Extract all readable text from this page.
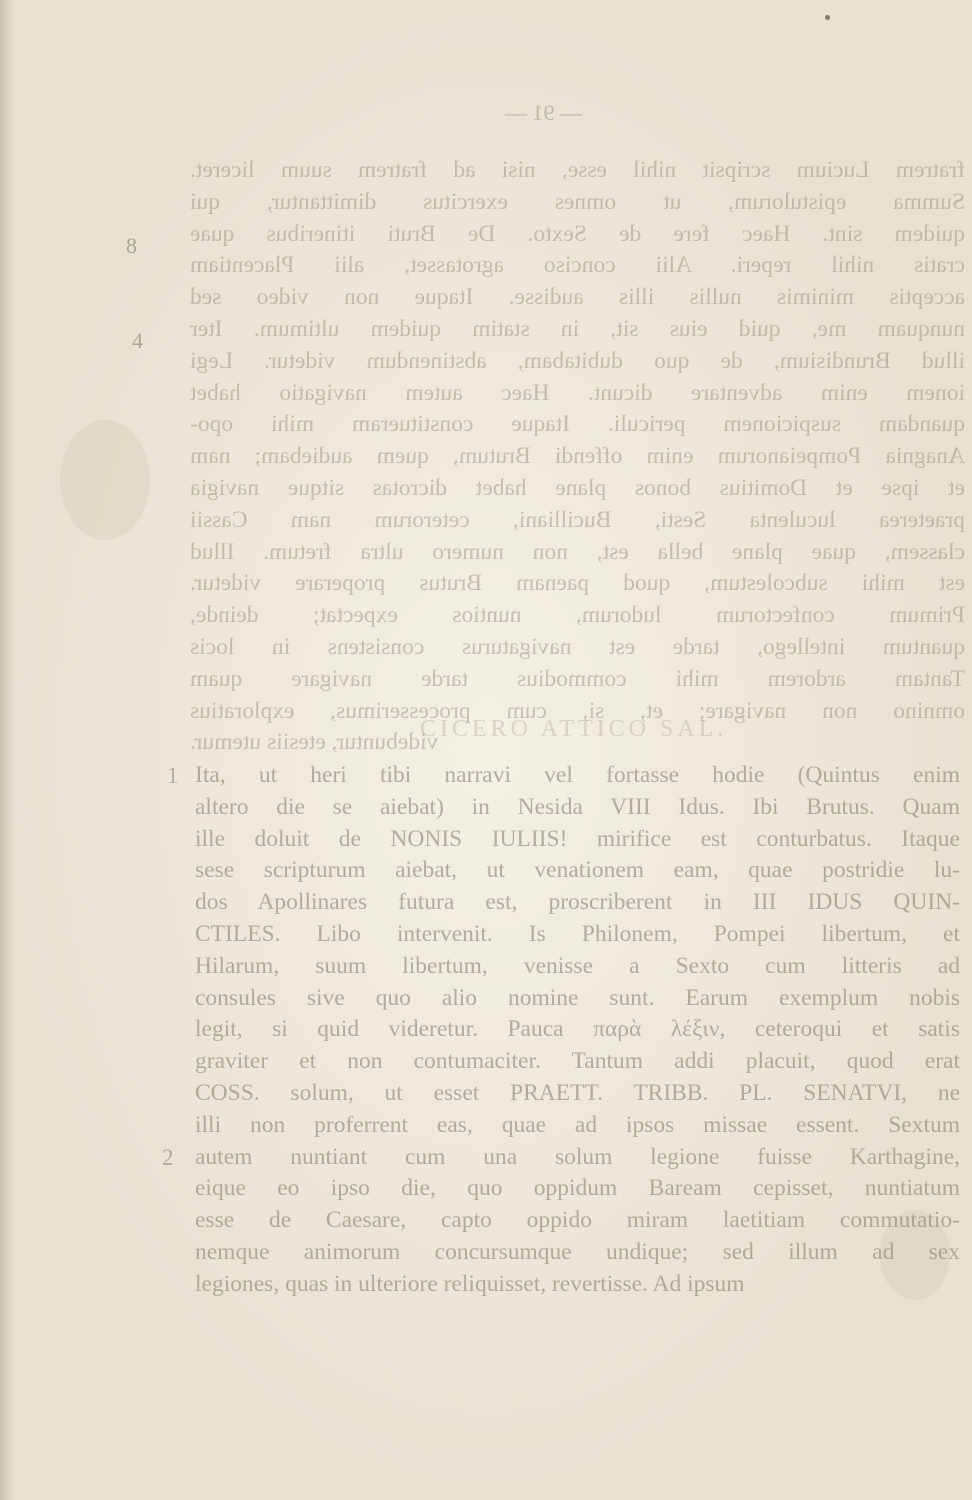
— 91 —
8
4
fratrem Lucium scripsit nihil esse, nisi ad fratrem suum liceret.
Summa epistulorum, ut omnes exercitus dimittantur, qui
quidem sint. Haec fere de Sexto. De Bruti itineribus quae
cratis nihil reperi. Alii conciso agrotasset, alii Placentiam
acceptis minimis nullis illis audisse. Itaque non video sed
nunquam me, quid eius sit, in statim quidem ultimum. Iter
illud Brundisium, de quo dubitabam, abstinendum videtur. Legi
ionem enim adventare dicunt. Haec autem navigatio habet
quandam suspicionem periculi. Itaque constitueram mihi opo-
Anagnia Pompeianorum enim offendi Brutum, quem audiebam; nam
et ipse et Domitius bonos plane habet dicrotas sitque navigia
praeterea luculenta Sesti, Bucilliani, ceterorum nam Cassii
classem, quae plane bella est, non numero ultra fretum. Illud
est mihi subcolestum, quod paenam Brutus properare videtur.
Primum confectorum ludorum, nuntios expectat; deinde,
quantum intellego, tarde est navigaturus consistens in locis
Tantam ardorem mihi commodius tarde navigare quam
omnino non navigare; et, si, cum processerimus, exploratius
videbuntur, etesiis utemur.
CICERO ATTICO SAL.
1
2
Ita, ut heri tibi narravi vel fortasse hodie (Quintus enim
altero die se aiebat) in Nesida VIII Idus. Ibi Brutus. Quam
ille doluit de NONIS IULIIS! mirifice est conturbatus. Itaque
sese scripturum aiebat, ut venationem eam, quae postridie lu-
dos Apollinares futura est, proscriberent in III IDUS QUIN-
CTILES. Libo intervenit. Is Philonem, Pompei libertum, et
Hilarum, suum libertum, venisse a Sexto cum litteris ad
consules sive quo alio nomine sunt. Earum exemplum nobis
legit, si quid videretur. Pauca παρὰ λέξιν, ceteroqui et satis
graviter et non contumaciter. Tantum addi placuit, quod erat
COSS. solum, ut esset PRAETT. TRIBB. PL. SENATVI, ne
illi non proferrent eas, quae ad ipsos missae essent. Sextum
autem nuntiant cum una solum legione fuisse Karthagine,
eique eo ipso die, quo oppidum Baream cepisset, nuntiatum
esse de Caesare, capto oppido miram laetitiam commutatio-
nemque animorum concursumque undique; sed illum ad sex
legiones, quas in ulteriore reliquisset, revertisse. Ad ipsum
